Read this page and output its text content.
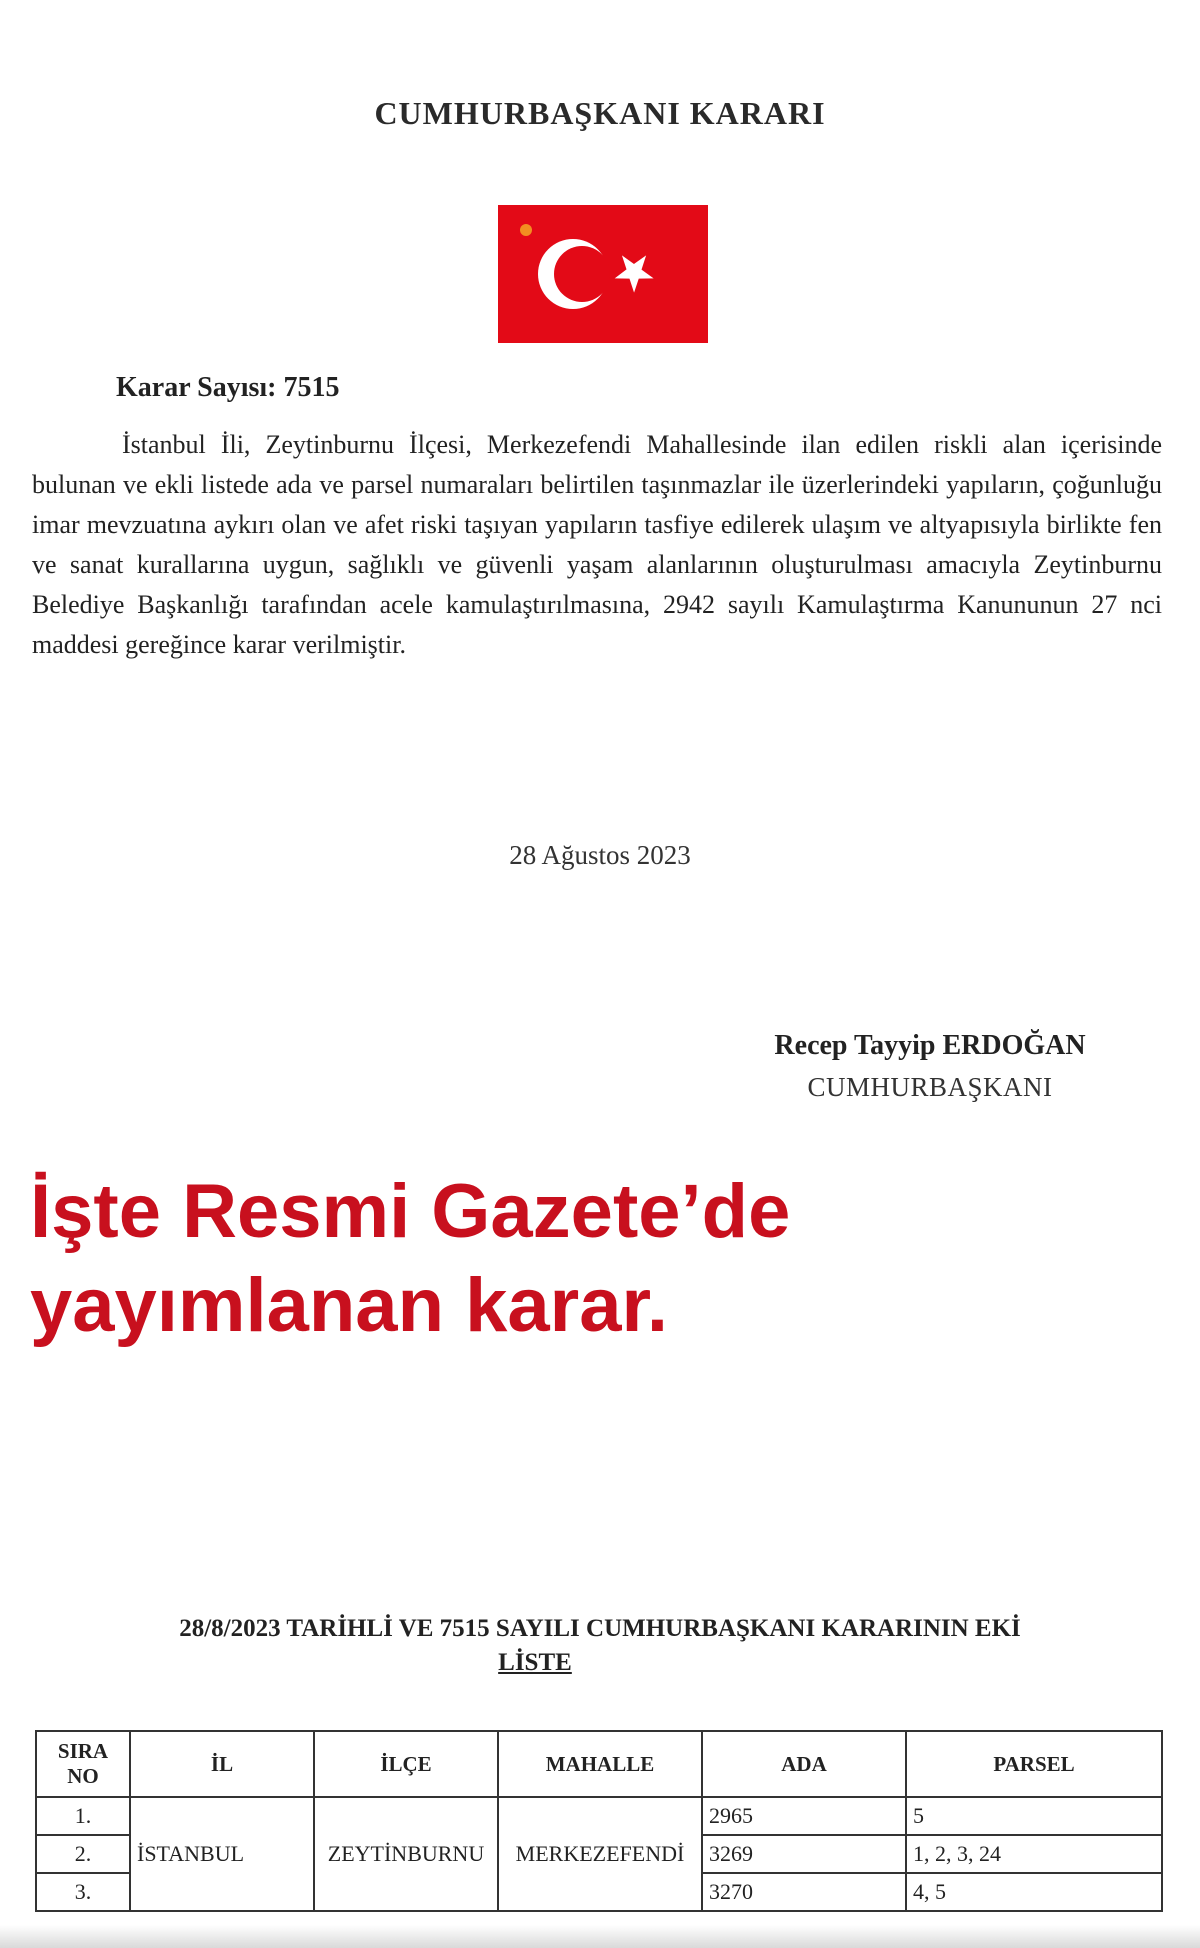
CUMHURBAŞKANI KARARI
Karar Sayısı: 7515
İstanbul İli, Zeytinburnu İlçesi, Merkezefendi Mahallesinde ilan edilen riskli alan içerisinde bulunan ve ekli listede ada ve parsel numaraları belirtilen taşınmazlar ile üzerlerindeki yapıların, çoğunluğu imar mevzuatına aykırı olan ve afet riski taşıyan yapıların tasfiye edilerek ulaşım ve altyapısıyla birlikte fen ve sanat kurallarına uygun, sağlıklı ve güvenli yaşam alanlarının oluşturulması amacıyla Zeytinburnu Belediye Başkanlığı tarafından acele kamulaştırılmasına, 2942 sayılı Kamulaştırma Kanununun 27 nci maddesi gereğince karar verilmiştir.
28 Ağustos 2023
Recep Tayyip ERDOĞAN
CUMHURBAŞKANI
İşte Resmi Gazete’de
yayımlanan karar.
28/8/2023 TARİHLİ VE 7515 SAYILI CUMHURBAŞKANI KARARININ EKİ
LİSTE
SIRA
NO	İL	İLÇE	MAHALLE	ADA	PARSEL
1.	İSTANBUL	ZEYTİNBURNU	MERKEZEFENDİ	2965	5
2.				3269	1, 2, 3, 24
3.				3270	4, 5
